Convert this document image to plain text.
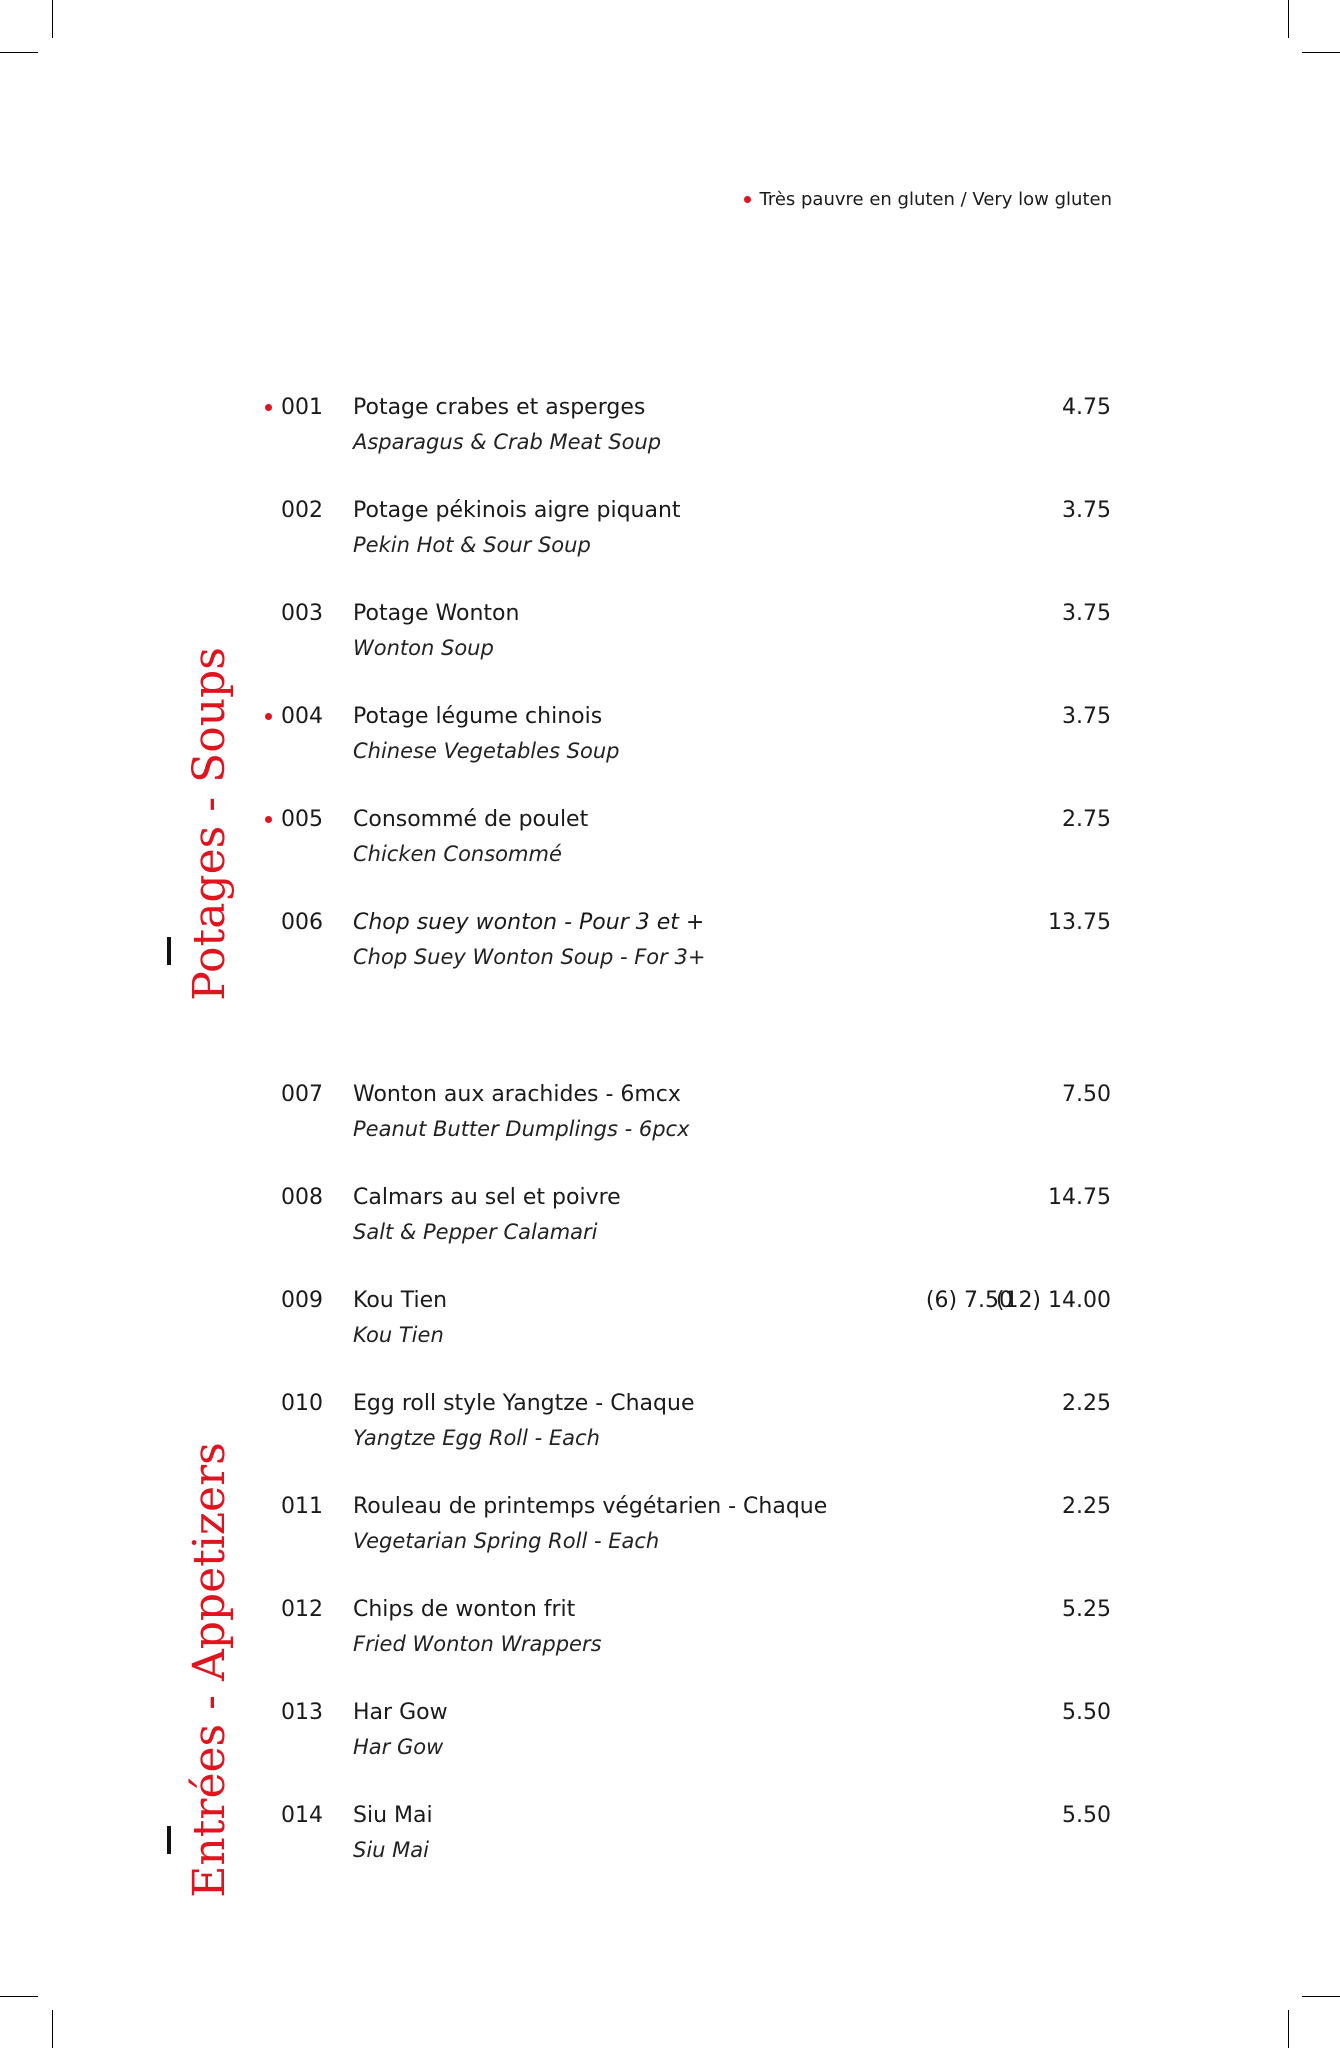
Très pauvre en gluten / Very low gluten
Potages - Soups
Entrées - Appetizers
001 Potage crabes et asperges
Asparagus & Crab Meat Soup
4.75
002 Potage pékinois aigre piquant
Pekin Hot & Sour Soup
3.75
003 Potage Wonton
Wonton Soup
3.75
004 Potage légume chinois
Chinese Vegetables Soup
3.75
005 Consommé de poulet
Chicken Consommé
2.75
006 Chop suey wonton - Pour 3 et +
Chop Suey Wonton Soup - For 3+
13.75
007 Wonton aux arachides - 6mcx
Peanut Butter Dumplings - 6pcx
7.50
008 Calmars au sel et poivre
Salt & Pepper Calamari
14.75
009 Kou Tien
Kou Tien
(6) 7.50
(12) 14.00
010 Egg roll style Yangtze - Chaque
Yangtze Egg Roll - Each
2.25
011 Rouleau de printemps végétarien - Chaque
Vegetarian Spring Roll - Each
2.25
012 Chips de wonton frit
Fried Wonton Wrappers
5.25
013 Har Gow
Har Gow
5.50
014 Siu Mai
Siu Mai
5.50
